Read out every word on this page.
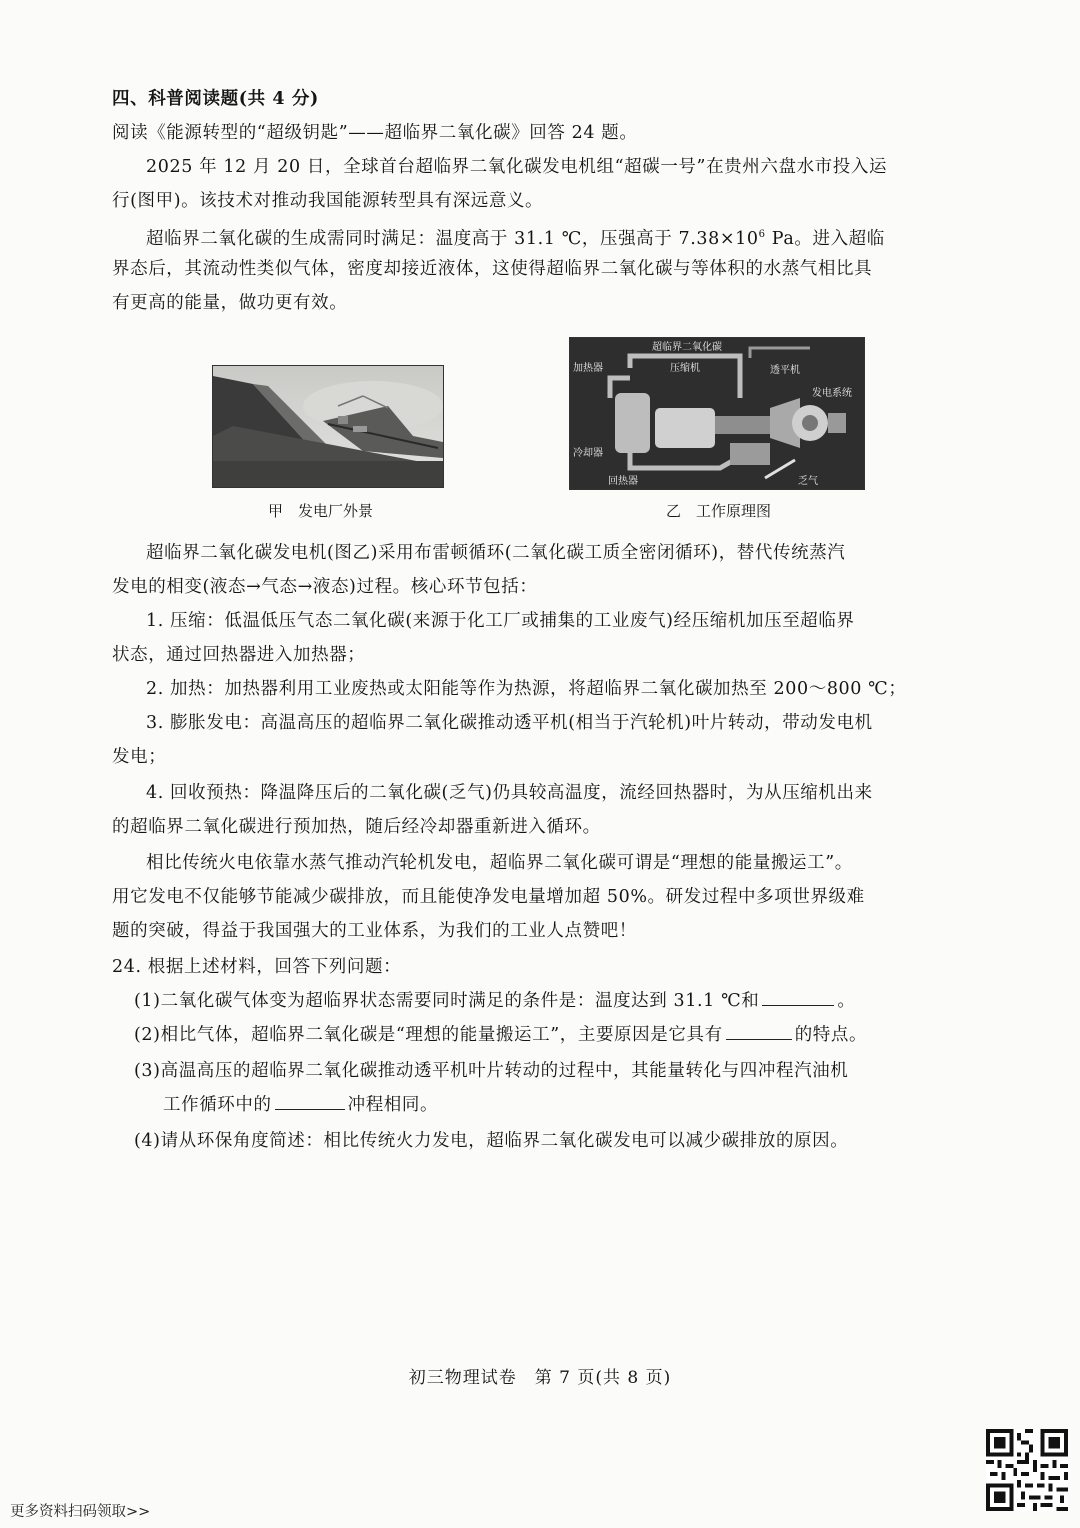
四、科普阅读题(共 4 分)
阅读《能源转型的“超级钥匙”——超临界二氧化碳》回答 24 题。
2025 年 12 月 20 日，全球首台超临界二氧化碳发电机组“超碳一号”在贵州六盘水市投入运
行(图甲)。该技术对推动我国能源转型具有深远意义。
超临界二氧化碳的生成需同时满足：温度高于 31.1 ℃，压强高于 $7.38\times 10^6$ Pa。进入超临
界态后，其流动性类似气体，密度却接近液体，这使得超临界二氧化碳与等体积的水蒸气相比具
有更高的能量，做功更有效。
甲　发电厂外景
超临界二氧化碳
加热器	压缩机	透平机
发电系统
冷却器
回热器	乏气
乙　工作原理图
超临界二氧化碳发电机(图乙)采用布雷顿循环(二氧化碳工质全密闭循环)，替代传统蒸汽
发电的相变(液态→气态→液态)过程。核心环节包括：
1. 压缩：低温低压气态二氧化碳(来源于化工厂或捕集的工业废气)经压缩机加压至超临界
状态，通过回热器进入加热器；
2. 加热：加热器利用工业废热或太阳能等作为热源，将超临界二氧化碳加热至 200～800 ℃；
3. 膨胀发电：高温高压的超临界二氧化碳推动透平机(相当于汽轮机)叶片转动，带动发电机
发电；
4. 回收预热：降温降压后的二氧化碳(乏气)仍具较高温度，流经回热器时，为从压缩机出来
的超临界二氧化碳进行预加热，随后经冷却器重新进入循环。
相比传统火电依靠水蒸气推动汽轮机发电，超临界二氧化碳可谓是“理想的能量搬运工”。
用它发电不仅能够节能减少碳排放，而且能使净发电量增加超 50%。研发过程中多项世界级难
题的突破，得益于我国强大的工业体系，为我们的工业人点赞吧！
24. 根据上述材料，回答下列问题：
(1)二氧化碳气体变为超临界状态需要同时满足的条件是：温度达到 31.1 ℃和	。
(2)相比气体，超临界二氧化碳是“理想的能量搬运工”，主要原因是它具有	的特点。
(3)高温高压的超临界二氧化碳推动透平机叶片转动的过程中，其能量转化与四冲程汽油机
工作循环中的	冲程相同。
(4)请从环保角度简述：相比传统火力发电，超临界二氧化碳发电可以减少碳排放的原因。
初三物理试卷　第 7 页(共 8 页)
更多资料扫码领取>>
